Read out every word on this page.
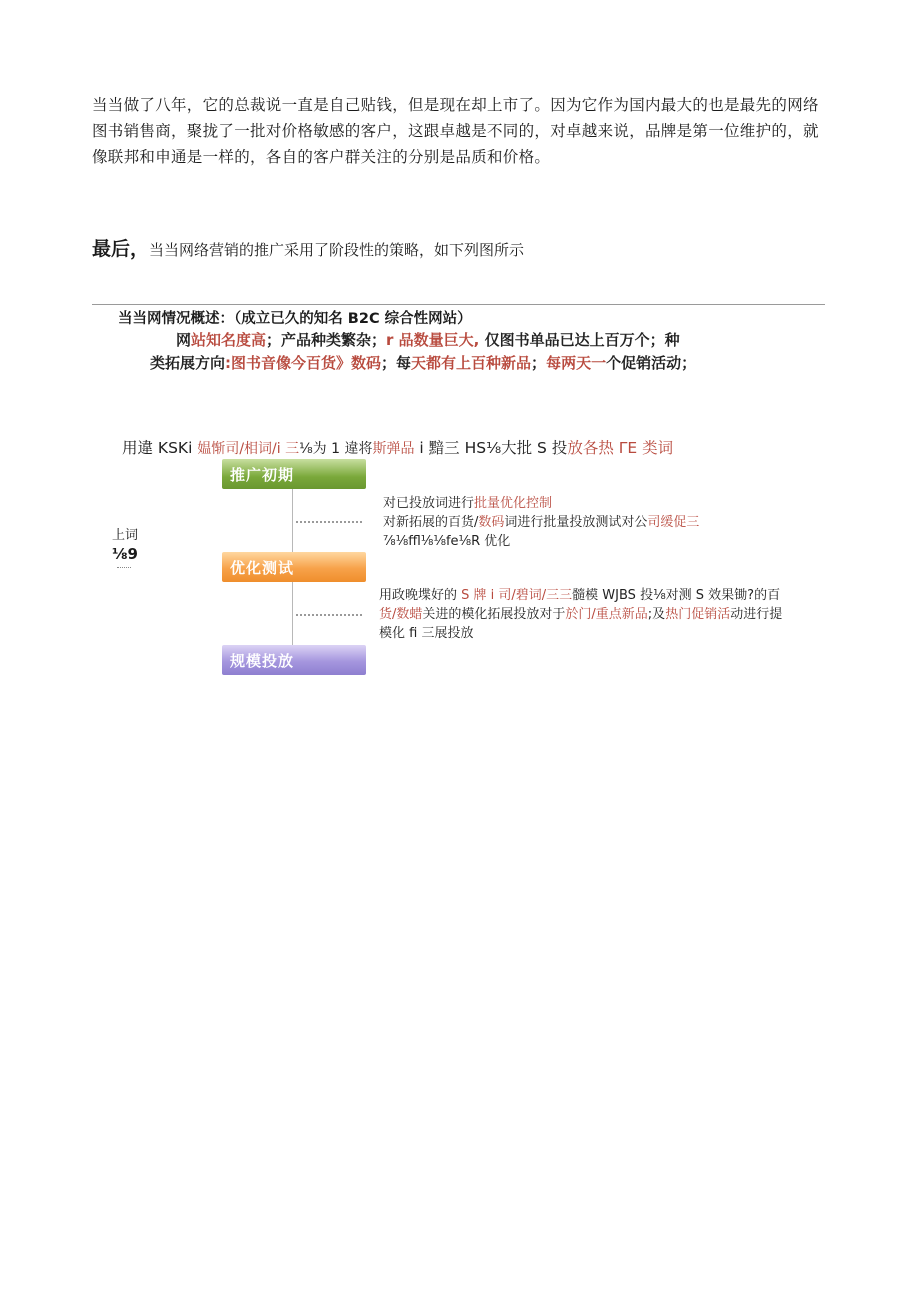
当当做了八年，它的总裁说一直是自己贴钱，但是现在却上市了。因为它作为国内最大的也是最先的网络图书销售商，聚拢了一批对价格敏感的客户，这跟卓越是不同的，对卓越来说，品牌是第一位维护的，就像联邦和申通是一样的，各自的客户群关注的分别是品质和价格。
最后，当当网络营销的推广采用了阶段性的策略，如下列图所示
当当网情况概述：（成立已久的知名 B2C 综合性网站）
网站知名度高；产品种类繁杂；r 品数量巨大, 仅图书单品已达上百万个；种
类拓展方向:图书音像今百货》数码；每天都有上百种新品；每两天一个促销活动；
用違 KSKi 媪惭司/相词/i 三⅛为 1 違将斯弹品 i 黯三 HS⅛大批 S 投放各热 ΓE 类词
推广初期
优化测试
规模投放
上词
⅛9
对已投放词进行批量优化控制
对新拓展的百货/数码词进行批量投放测试对公司缓促三
⅞⅛ffl⅛⅛fe⅛R 优化
用政晚堞好的 S 牌 i 司/碧词/三三髓模 WJBS 投⅛对测 S 效果锄?的百
货/数蜡关进的模化拓展投放对于於门/重点新品;及热门促销活动进行提
模化 fi 三展投放
